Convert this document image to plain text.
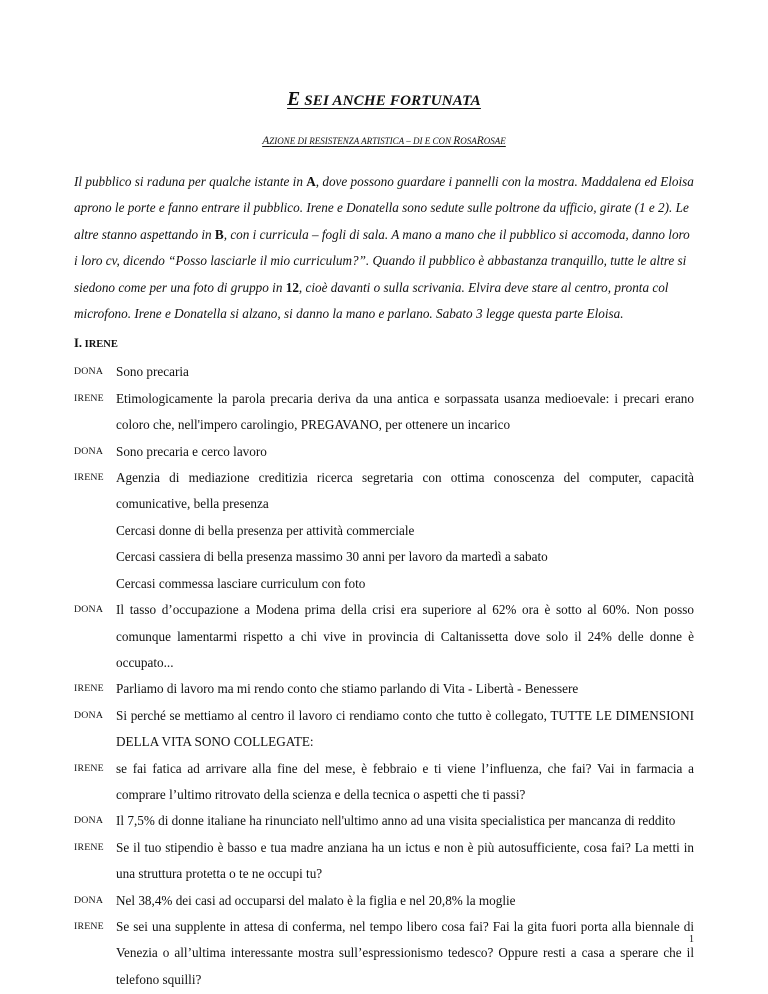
E SEI ANCHE FORTUNATA
AZIONE DI RESISTENZA ARTISTICA – DI E CON ROSAROSAE

Il pubblico si raduna per qualche istante in A, dove possono guardare i pannelli con la mostra. Maddalena ed Eloisa aprono le porte e fanno entrare il pubblico. Irene e Donatella sono sedute sulle poltrone da ufficio, girate (1 e 2). Le altre stanno aspettando in B, con i curricula – fogli di sala. A mano a mano che il pubblico si accomoda, danno loro i loro cv, dicendo “Posso lasciarle il mio curriculum?”. Quando il pubblico è abbastanza tranquillo, tutte le altre si siedono come per una foto di gruppo in 12, cioè davanti o sulla scrivania. Elvira deve stare al centro, pronta col microfono. Irene e Donatella si alzano, si danno la mano e parlano. Sabato 3 legge questa parte Eloisa.

I. IRENE
DONA Sono precaria
IRENE Etimologicamente la parola precaria deriva da una antica e sorpassata usanza medioevale: i precari erano coloro che, nell'impero carolingio, PREGAVANO, per ottenere un incarico
DONA Sono precaria e cerco lavoro
IRENE Agenzia di mediazione creditizia ricerca segretaria con ottima conoscenza del computer, capacità comunicative, bella presenza
Cercasi donne di bella presenza per attività commerciale
Cercasi cassiera di bella presenza massimo 30 anni per lavoro da martedì a sabato
Cercasi commessa lasciare curriculum con foto
DONA Il tasso d’occupazione a Modena prima della crisi era superiore al 62% ora è sotto al 60%. Non posso comunque lamentarmi rispetto a chi vive in provincia di Caltanissetta dove solo il 24% delle donne è occupato...
IRENE Parliamo di lavoro ma mi rendo conto che stiamo parlando di Vita - Libertà - Benessere
DONA Si perché se mettiamo al centro il lavoro ci rendiamo conto che tutto è collegato, TUTTE LE DIMENSIONI DELLA VITA SONO COLLEGATE:
IRENE se fai fatica ad arrivare alla fine del mese, è febbraio e ti viene l’influenza, che fai? Vai in farmacia a comprare l’ultimo ritrovato della scienza e della tecnica o aspetti che ti passi?
DONA Il 7,5% di donne italiane ha rinunciato nell'ultimo anno ad una visita specialistica per mancanza di reddito
IRENE Se il tuo stipendio è basso e tua madre anziana ha un ictus e non è più autosufficiente, cosa fai? La metti in una struttura protetta o te ne occupi tu?
DONA Nel 38,4% dei casi ad occuparsi del malato è la figlia e nel 20,8% la moglie
IRENE Se sei una supplente in attesa di conferma, nel tempo libero cosa fai? Fai la gita fuori porta alla biennale di Venezia o all’ultima interessante mostra sull’espressionismo tedesco? Oppure resti a casa a sperare che il telefono squilli?
1
